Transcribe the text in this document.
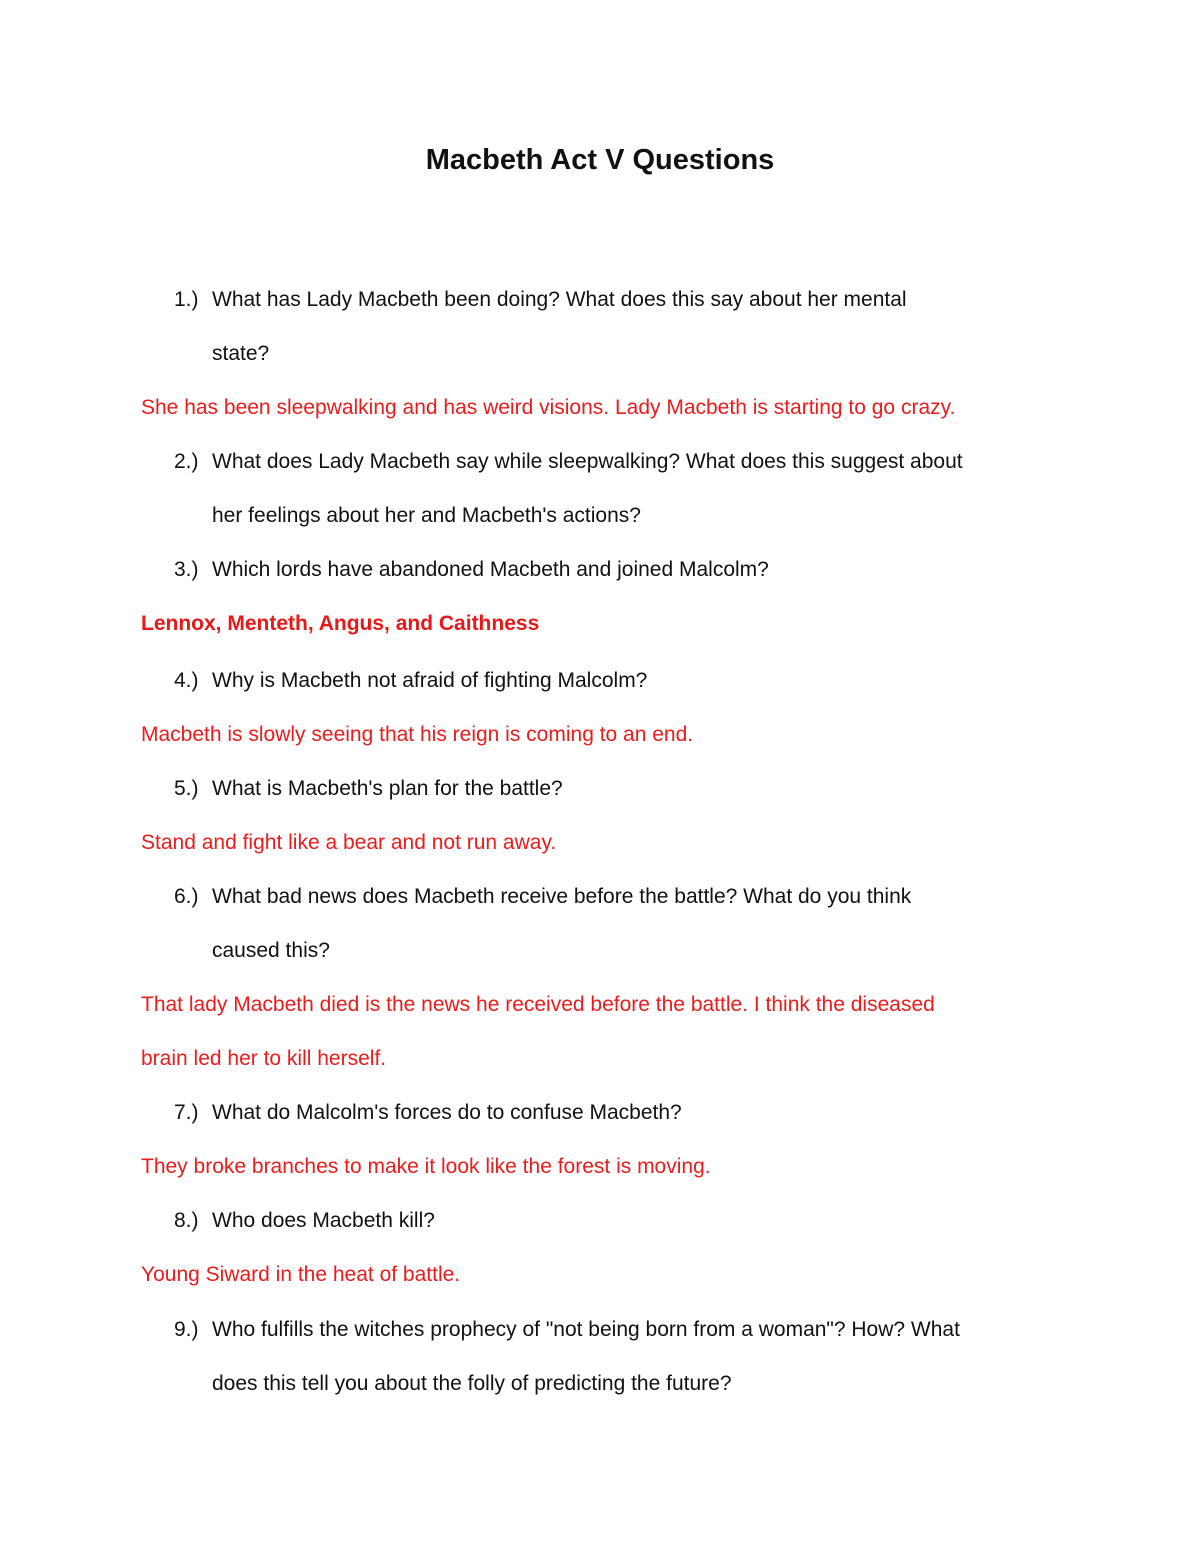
Macbeth Act V Questions
1.) What has Lady Macbeth been doing? What does this say about her mental
state?
She has been sleepwalking and has weird visions. Lady Macbeth is starting to go crazy.
2.) What does Lady Macbeth say while sleepwalking? What does this suggest about
her feelings about her and Macbeth's actions?
3.) Which lords have abandoned Macbeth and joined Malcolm?
Lennox, Menteth, Angus, and Caithness
4.) Why is Macbeth not afraid of fighting Malcolm?
Macbeth is slowly seeing that his reign is coming to an end.
5.) What is Macbeth's plan for the battle?
Stand and fight like a bear and not run away.
6.) What bad news does Macbeth receive before the battle? What do you think
caused this?
That lady Macbeth died is the news he received before the battle. I think the diseased
brain led her to kill herself.
7.) What do Malcolm's forces do to confuse Macbeth?
They broke branches to make it look like the forest is moving.
8.) Who does Macbeth kill?
Young Siward in the heat of battle.
9.) Who fulfills the witches prophecy of "not being born from a woman"? How? What
does this tell you about the folly of predicting the future?
